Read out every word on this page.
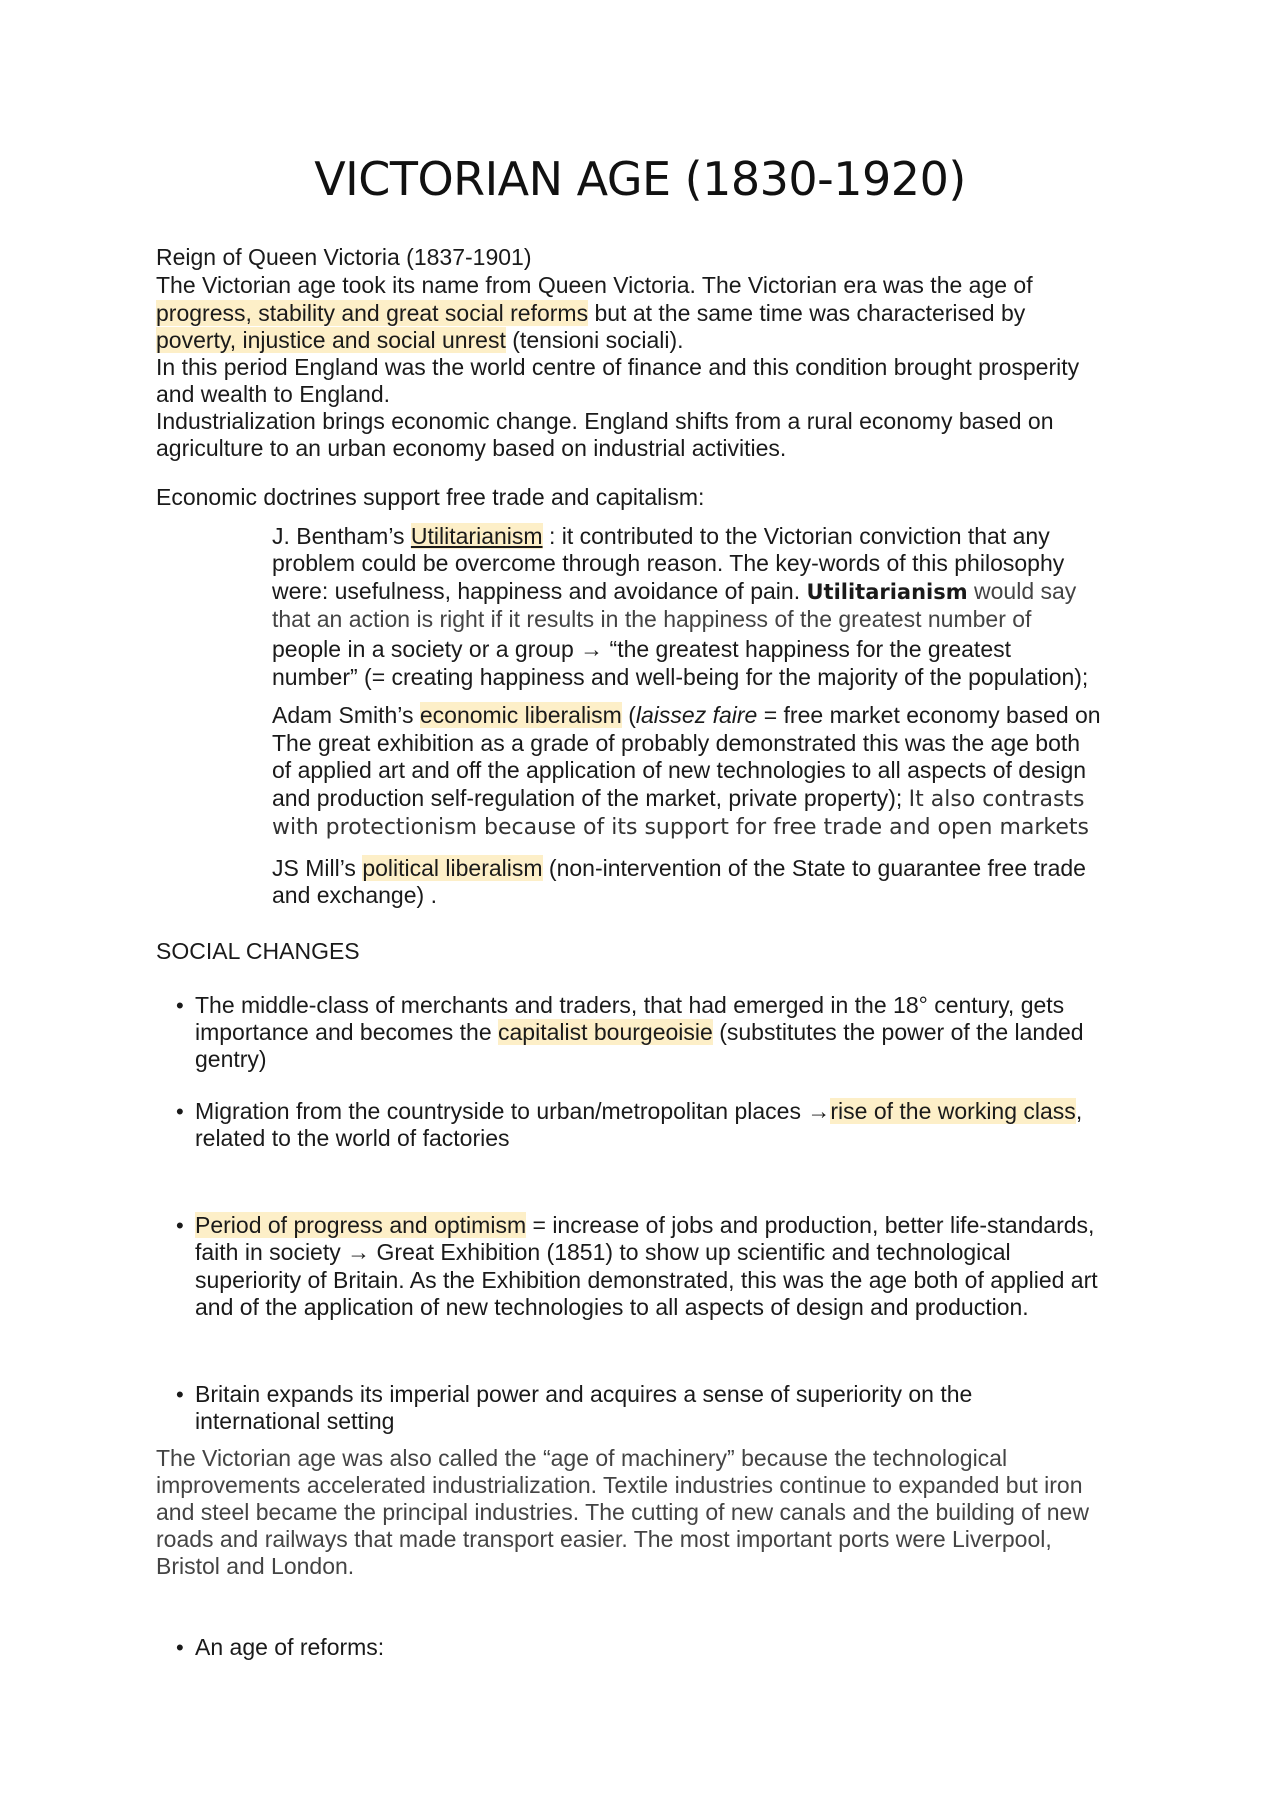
VICTORIAN AGE (1830-1920)
Reign of Queen Victoria (1837-1901)
The Victorian age took its name from Queen Victoria. The Victorian era was the age of
progress, stability and great social reforms but at the same time was characterised by
poverty, injustice and social unrest (tensioni sociali).
In this period England was the world centre of finance and this condition brought prosperity
and wealth to England.
Industrialization brings economic change. England shifts from a rural economy based on
agriculture to an urban economy based on industrial activities.
Economic doctrines support free trade and capitalism:
J. Bentham’s Utilitarianism : it contributed to the Victorian conviction that any
problem could be overcome through reason. The key-words of this philosophy
were: usefulness, happiness and avoidance of pain. Utilitarianism would say
that an action is right if it results in the happiness of the greatest number of
people in a society or a group → “the greatest happiness for the greatest
number” (= creating happiness and well-being for the majority of the population);
Adam Smith’s economic liberalism (laissez faire = free market economy based on
The great exhibition as a grade of probably demonstrated this was the age both
of applied art and off the application of new technologies to all aspects of design
and production self-regulation of the market, private property); It also contrasts
with protectionism because of its support for free trade and open markets
JS Mill’s political liberalism (non-intervention of the State to guarantee free trade
and exchange) .
SOCIAL CHANGES
• The middle-class of merchants and traders, that had emerged in the 18° century, gets
importance and becomes the capitalist bourgeoisie (substitutes the power of the landed
gentry)
• Migration from the countryside to urban/metropolitan places →rise of the working class,
related to the world of factories
• Period of progress and optimism = increase of jobs and production, better life-standards,
faith in society → Great Exhibition (1851) to show up scientific and technological
superiority of Britain. As the Exhibition demonstrated, this was the age both of applied art
and of the application of new technologies to all aspects of design and production.
• Britain expands its imperial power and acquires a sense of superiority on the
international setting
The Victorian age was also called the “age of machinery” because the technological
improvements accelerated industrialization. Textile industries continue to expanded but iron
and steel became the principal industries. The cutting of new canals and the building of new
roads and railways that made transport easier. The most important ports were Liverpool,
Bristol and London.
• An age of reforms:
